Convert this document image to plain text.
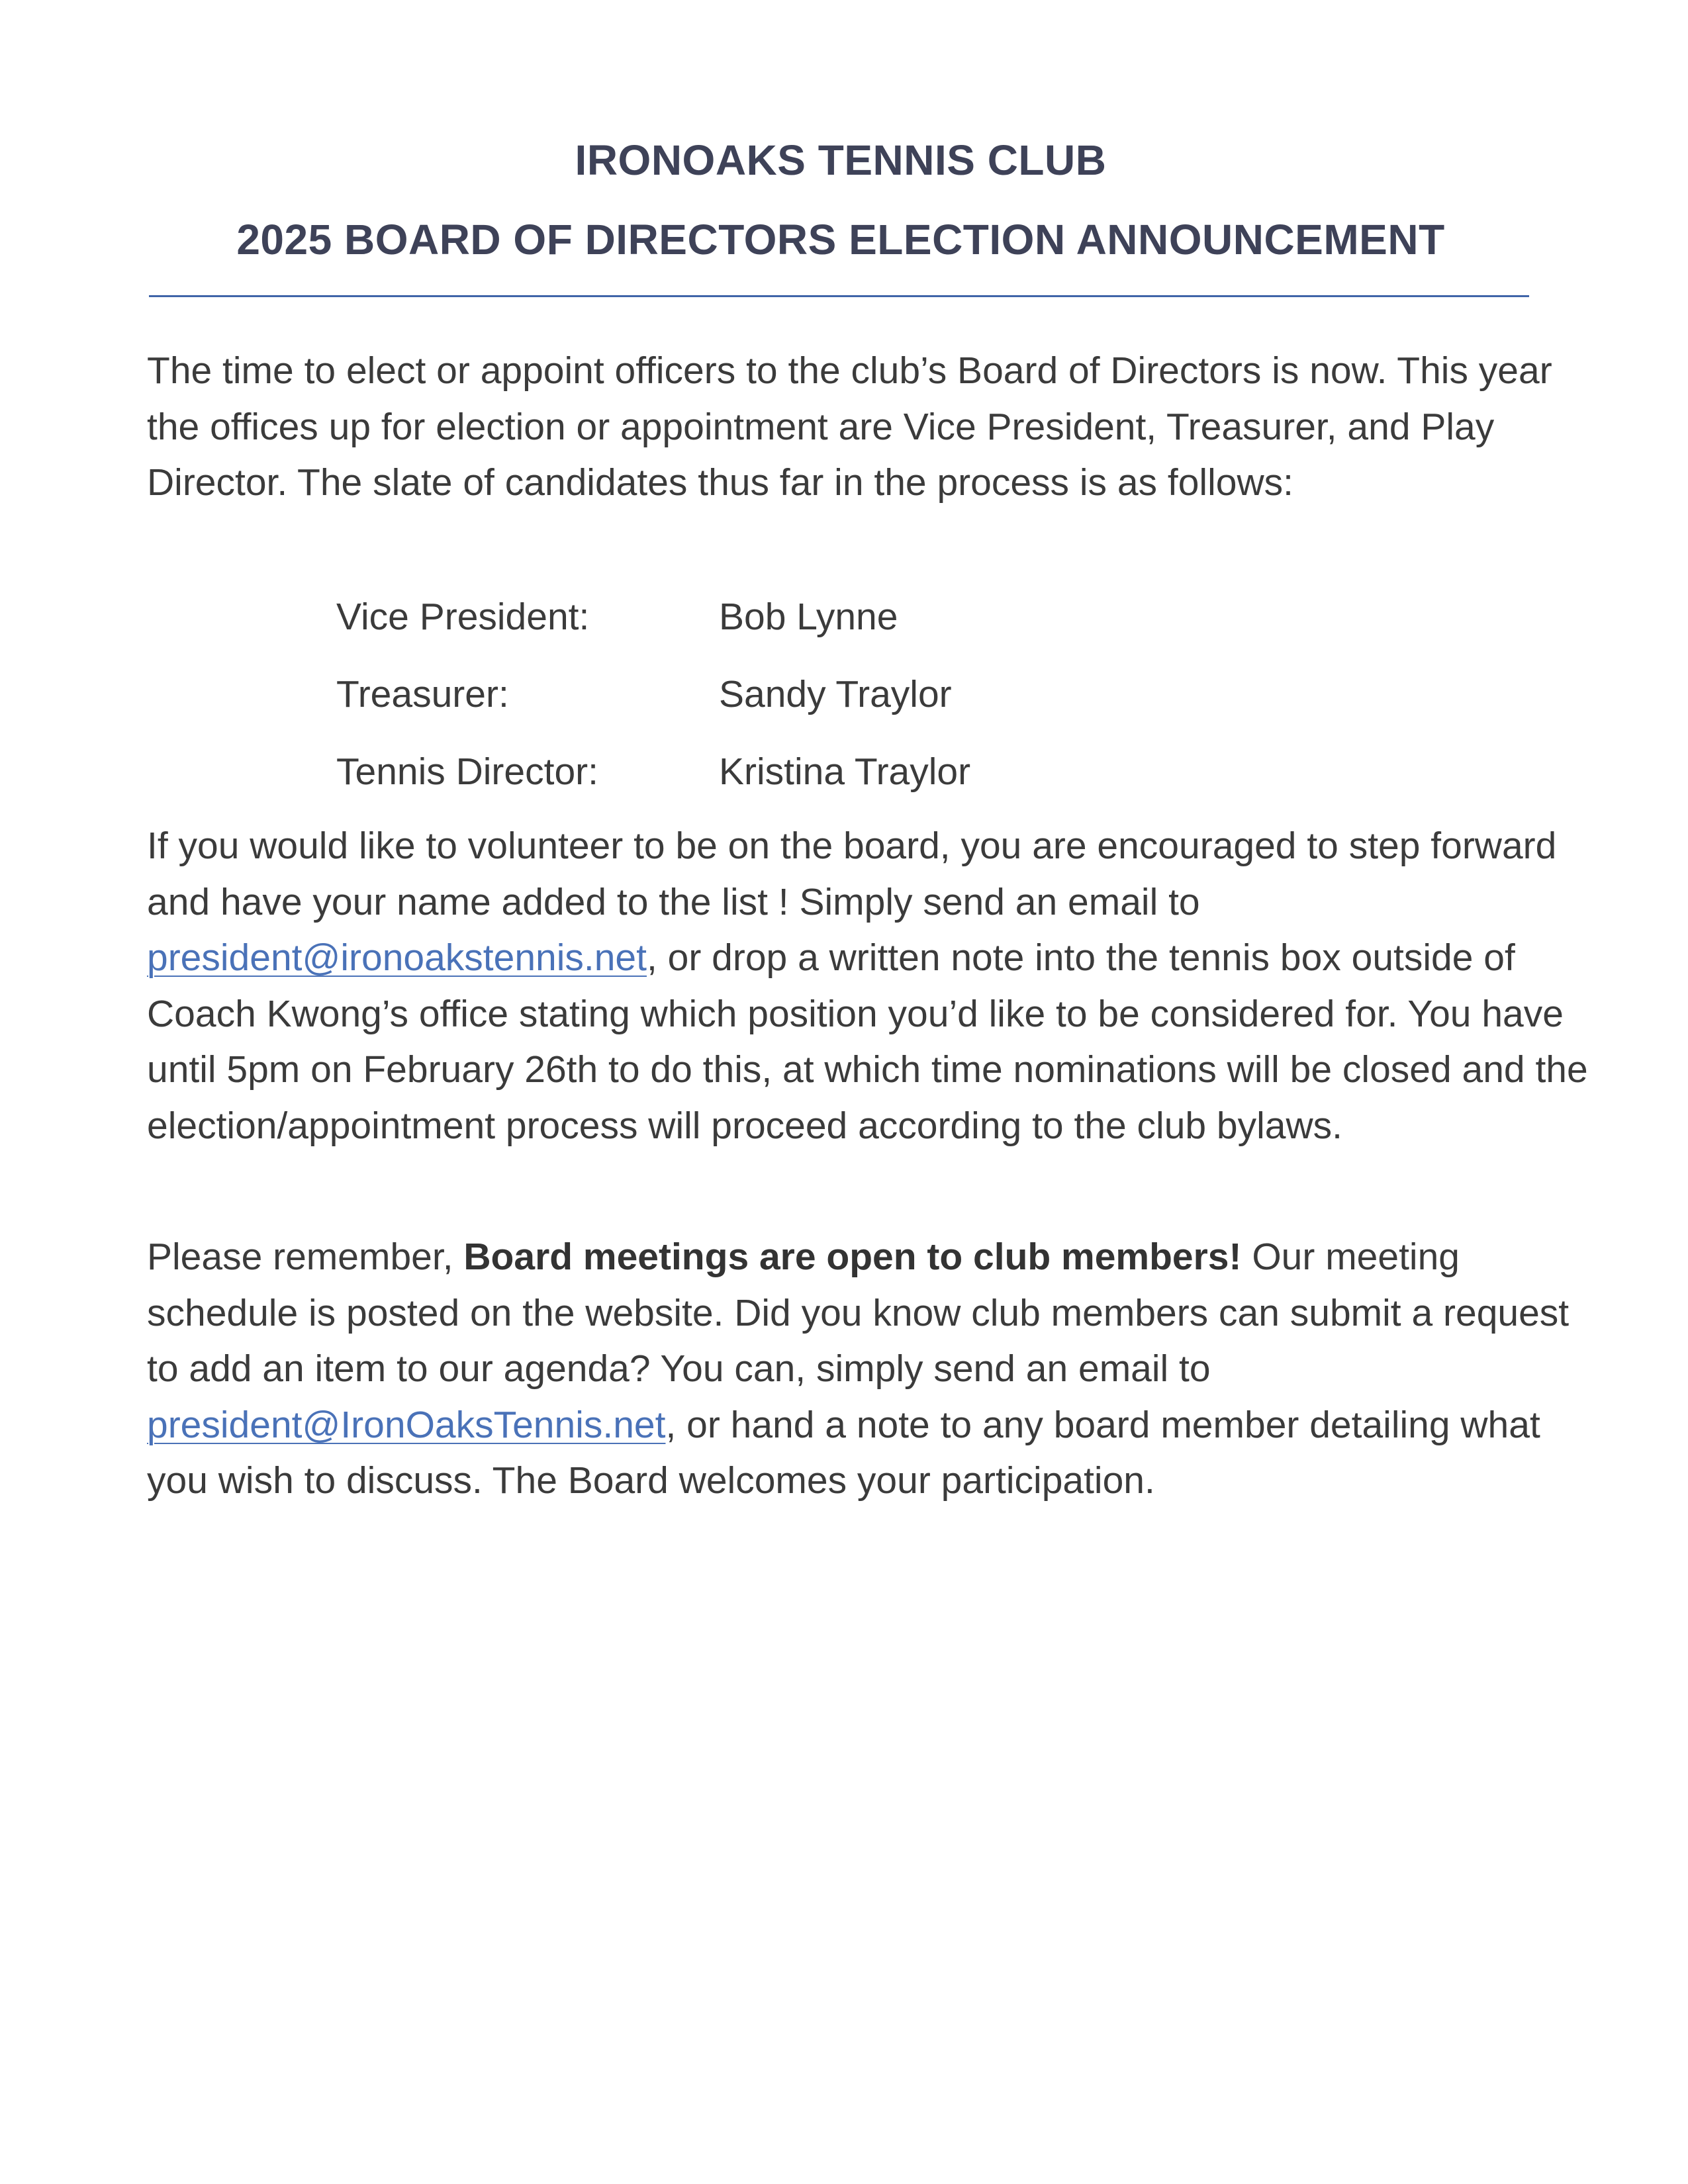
IRONOAKS TENNIS CLUB
2025 BOARD OF DIRECTORS ELECTION ANNOUNCEMENT

The time to elect or appoint officers to the club’s Board of Directors is now. This year the offices up for election or appointment are Vice President, Treasurer, and Play Director. The slate of candidates thus far in the process is as follows:

Vice President:	Bob Lynne
Treasurer:	Sandy Traylor
Tennis Director:	Kristina Traylor

If you would like to volunteer to be on the board, you are encouraged to step forward and have your name added to the list ! Simply send an email to president@ironoakstennis.net, or drop a written note into the tennis box outside of Coach Kwong’s office stating which position you’d like to be considered for. You have until 5pm on February 26th to do this, at which time nominations will be closed and the election/appointment process will proceed according to the club bylaws.

Please remember, Board meetings are open to club members! Our meeting schedule is posted on the website. Did you know club members can submit a request to add an item to our agenda? You can, simply send an email to president@IronOaksTennis.net, or hand a note to any board member detailing what you wish to discuss. The Board welcomes your participation.
